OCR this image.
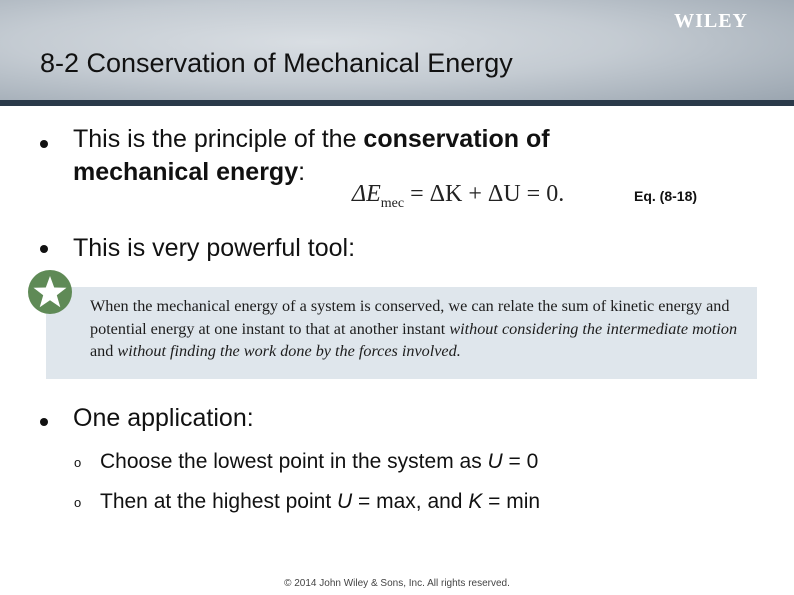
WILEY
8-2 Conservation of Mechanical Energy
This is the principle of the conservation of
mechanical energy:
$\Delta E_{mec} = \Delta K + \Delta U = 0$.	Eq. (8-18)
This is very powerful tool:
When the mechanical energy of a system is conserved, we can relate the sum of kinetic energy and potential energy at one instant to that at another instant without considering the intermediate motion and without finding the work done by the forces involved.
One application:
o Choose the lowest point in the system as U = 0
o Then at the highest point U = max, and K = min
© 2014 John Wiley & Sons, Inc. All rights reserved.
